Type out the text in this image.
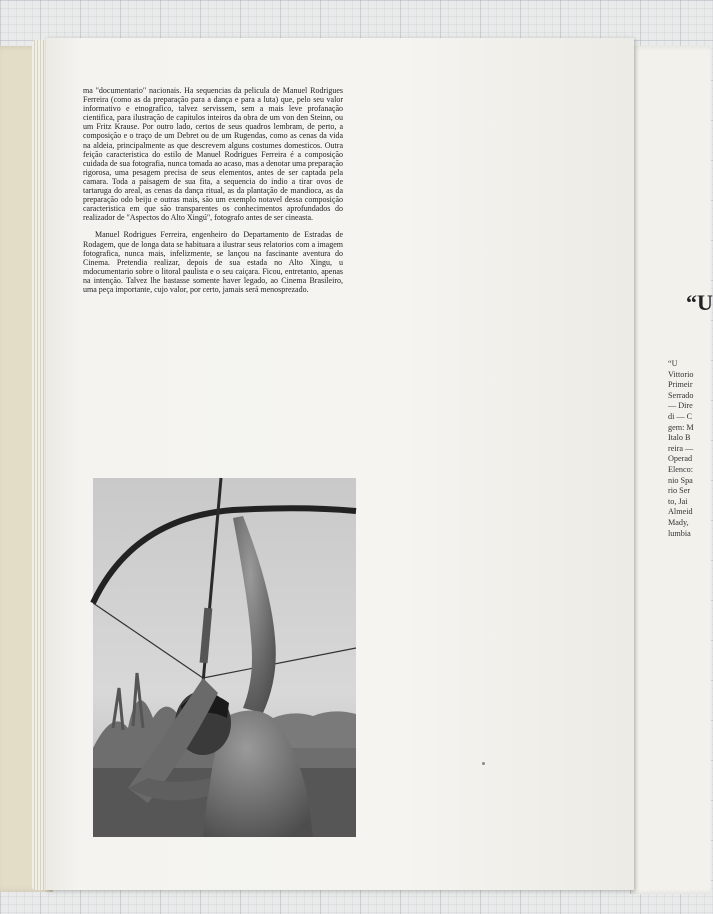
ma "documentario" nacionais. Ha sequencias da pelicula de Manuel Rodrigues Ferreira (como as da preparação para a dança e para a luta) que, pelo seu valor informativo e etnografico, talvez servissem, sem a mais leve profanação cientifica, para ilustração de capitulos inteiros da obra de um von den Steinn, ou um Fritz Krause. Por outro lado, certos de seus quadros lembram, de perto, a composição e o traço de um Debret ou de um Rugendas, como as cenas da vida na aldeia, principalmente as que descrevem alguns costumes domesticos. Outra feição caracteristica do estilo de Manuel Rodrigues Ferreira é a composição cuidada de sua fotografia, nunca tomada ao acaso, mas a denotar uma preparação rigorosa, uma pesagem precisa de seus elementos, antes de ser captada pela camara. Toda a paisagem de sua fita, a sequencia do indio a tirar ovos de tartaruga do areal, as cenas da dança ritual, as da plantação de mandioca, as da preparação odo beiju e outras mais, são um exemplo notavel dessa composição caracteristica em que são transparentes os conhecimentos aprofundados do realizador de "Aspectos do Alto Xingú", fotografo antes de ser cineasta.

Manuel Rodrigues Ferreira, engenheiro do Departamento de Estradas de Rodagem, que de longa data se habituara a ilustrar seus relatorios com a imagem fotografica, nunca mais, infelizmente, se lançou na fascinante aventura do Cinema. Pretendia realizar, depois de sua estada no Alto Xingu, u mdocumentario sobre o litoral paulista e o seu caiçara. Ficou, entretanto, apenas na intenção. Talvez lhe bastasse somente haver legado, ao Cinema Brasileiro, uma peça importante, cujo valor, por certo, jamais será menosprezado.

“U
“U
Vittorio
Primeir
Serrado
— Dire
di — C
gem: M
Italo B
reira —
Operad
Elenco:
nio Spa
rio Ser
to, Jai
Almeid
Mady,
lumbia
